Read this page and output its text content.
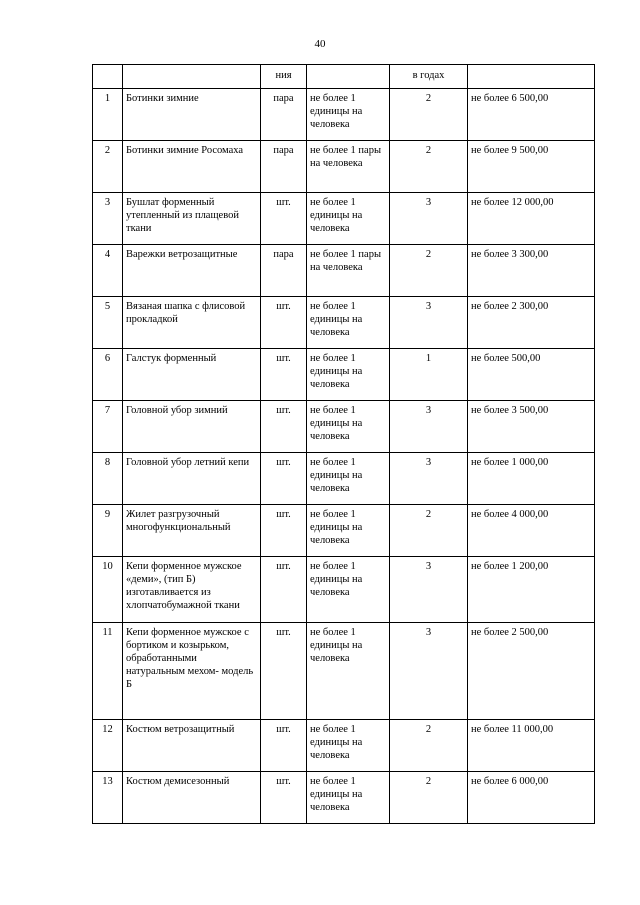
40
		ния		в годах	
1	Ботинки зимние	пара	не более 1 единицы на человека	2	не более 6 500,00
2	Ботинки зимние Росомаха	пара	не более 1 пары на человека	2	не более 9 500,00
3	Бушлат форменный утепленный из плащевой ткани	шт.	не более 1 единицы на человека	3	не более 12 000,00
4	Варежки ветрозащитные	пара	не более 1 пары на человека	2	не более 3 300,00
5	Вязаная шапка с флисовой прокладкой	шт.	не более 1 единицы на человека	3	не более 2 300,00
6	Галстук форменный	шт.	не более 1 единицы на человека	1	не более 500,00
7	Головной убор зимний	шт.	не более 1 единицы на человека	3	не более 3 500,00
8	Головной убор летний кепи	шт.	не более 1 единицы на человека	3	не более 1 000,00
9	Жилет разгрузочный многофункциональный	шт.	не более 1 единицы на человека	2	не более 4 000,00
10	Кепи форменное мужское «деми», (тип Б) изготавливается из хлопчатобумажной ткани	шт.	не более 1 единицы на человека	3	не более 1 200,00
11	Кепи форменное мужское с бортиком и козырьком, обработанными натуральным мехом- модель Б	шт.	не более 1 единицы на человека	3	не более 2 500,00
12	Костюм ветрозащитный	шт.	не более 1 единицы на человека	2	не более 11 000,00
13	Костюм демисезонный	шт.	не более 1 единицы на человека	2	не более 6 000,00
